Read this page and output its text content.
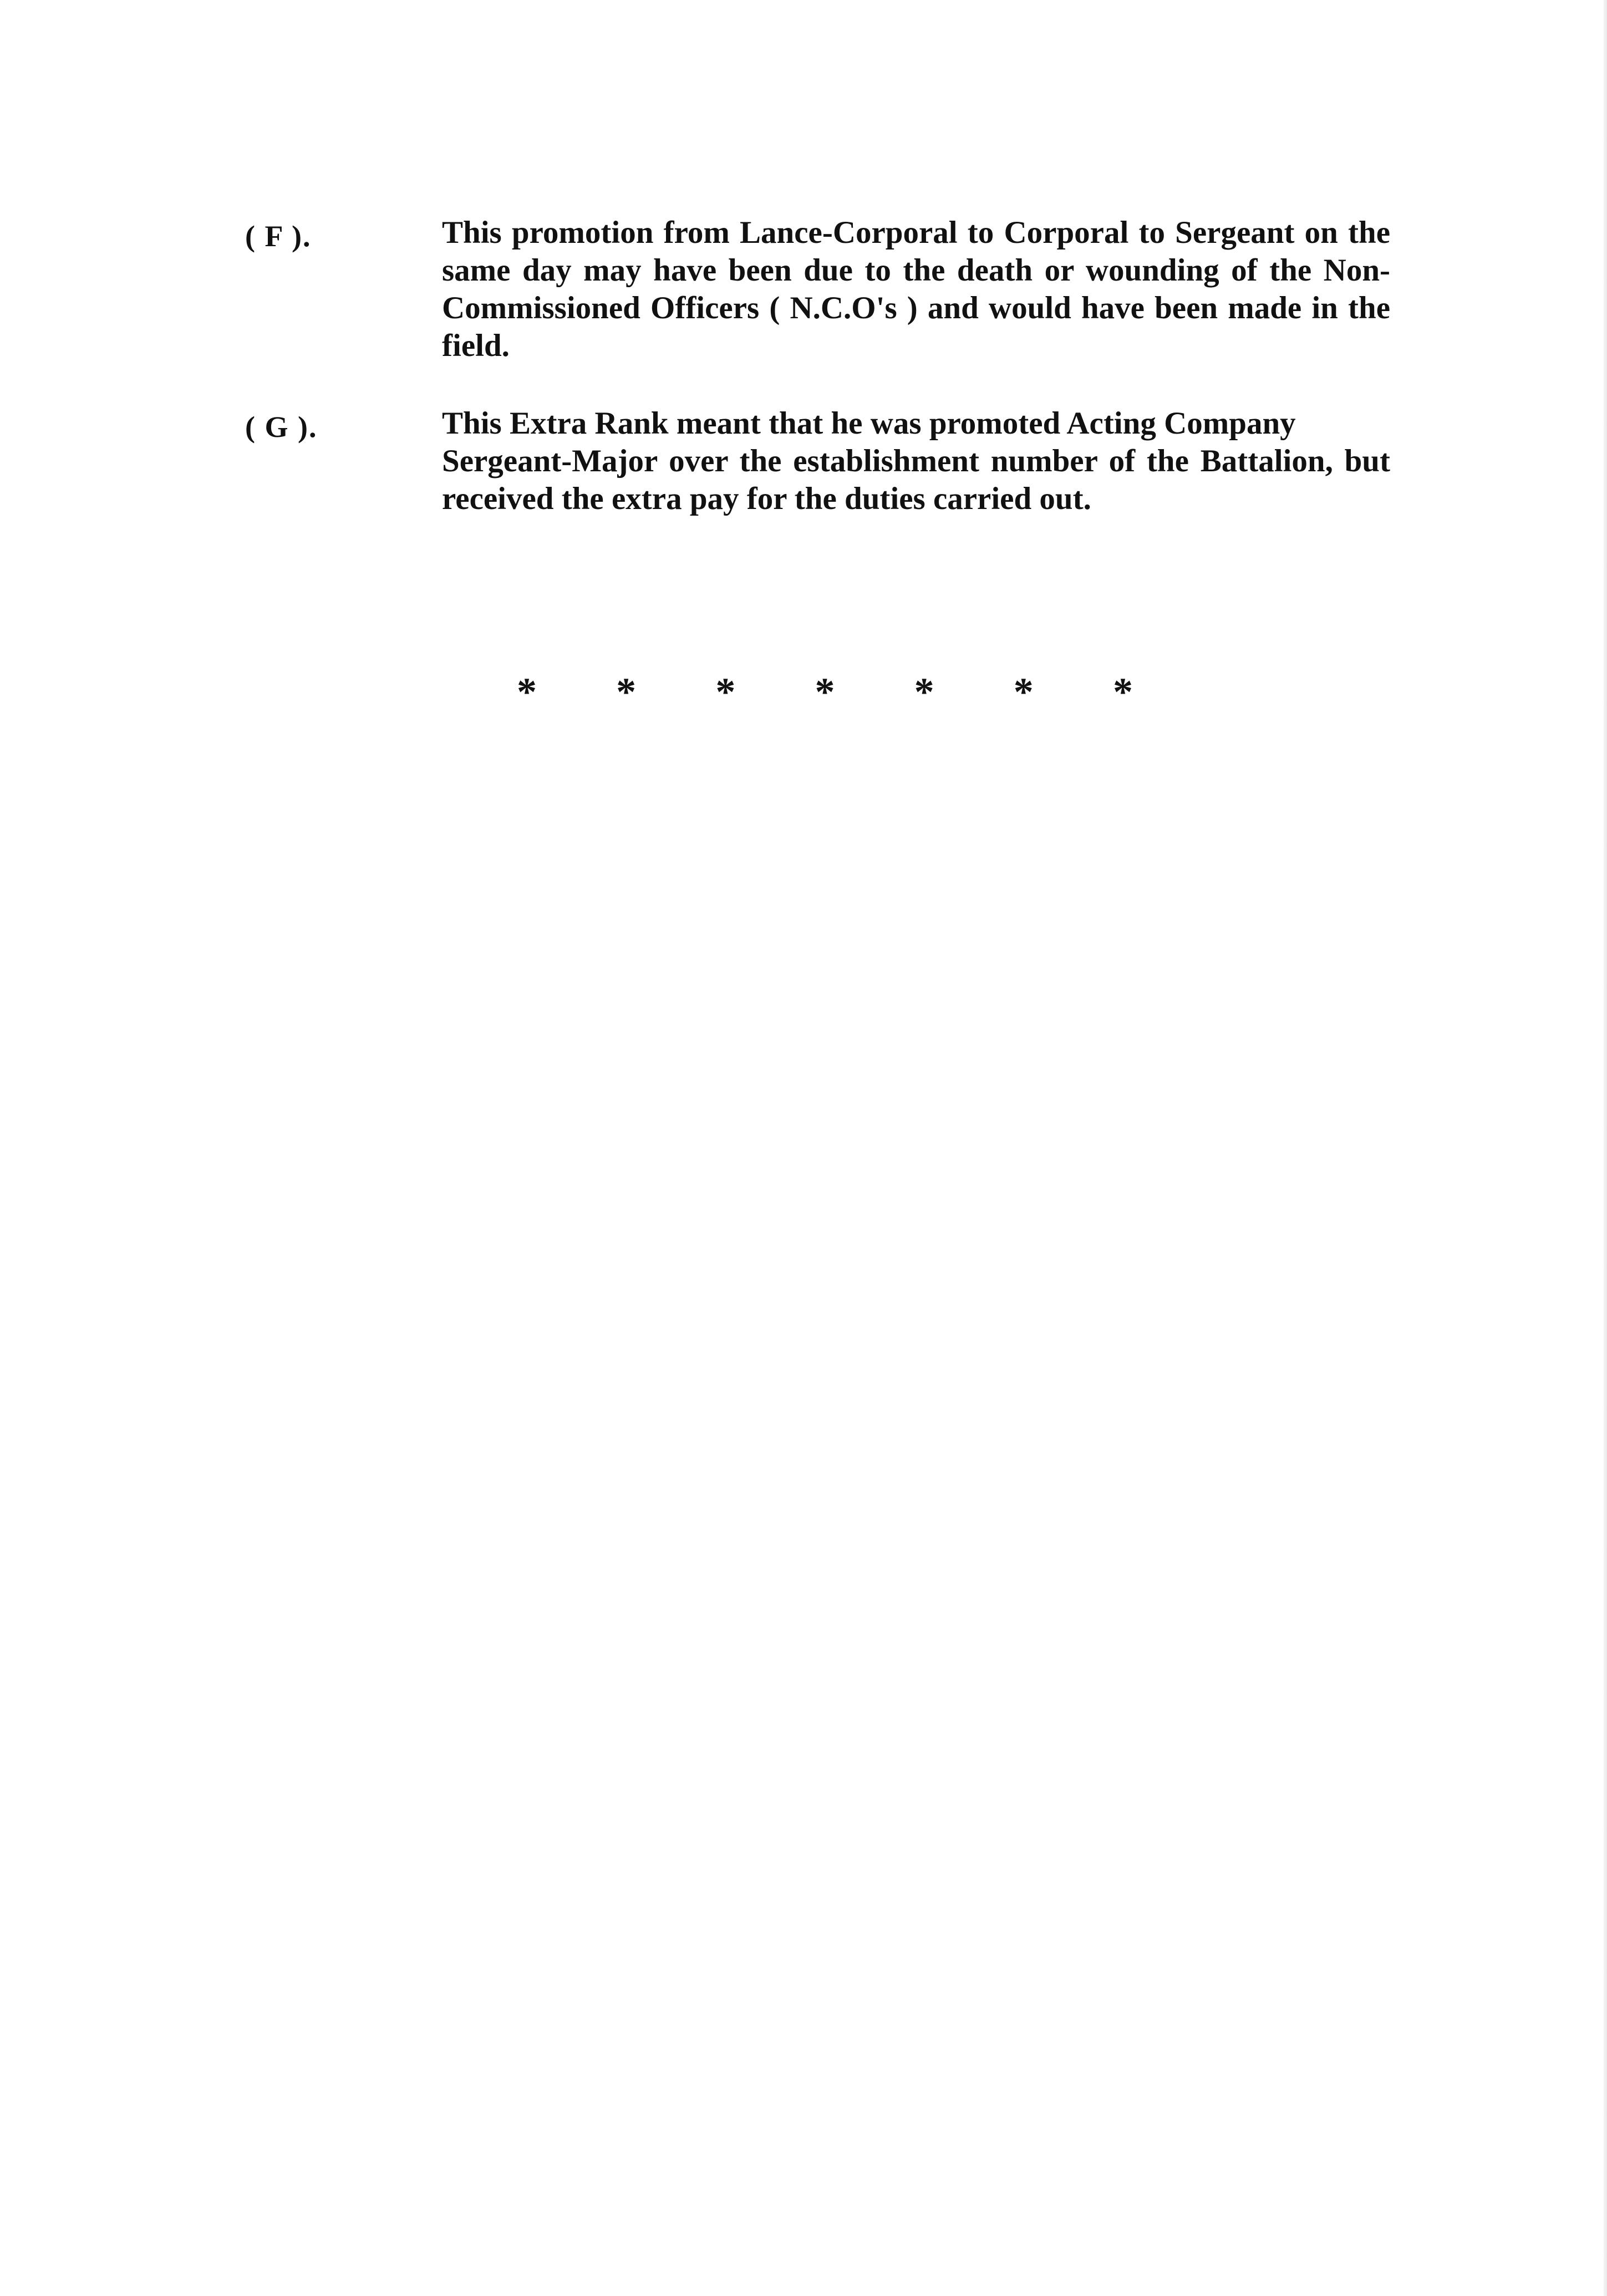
( F ).	This promotion from Lance-Corporal to Corporal to Sergeant on the
same day may have been due to the death or wounding of the Non-
Commissioned Officers ( N.C.O's ) and would have been made in the
field.

( G ).	This Extra Rank meant that he was promoted Acting Company
Sergeant-Major over the establishment number of the Battalion, but
received the extra pay for the duties carried out.

* * * * * * *
